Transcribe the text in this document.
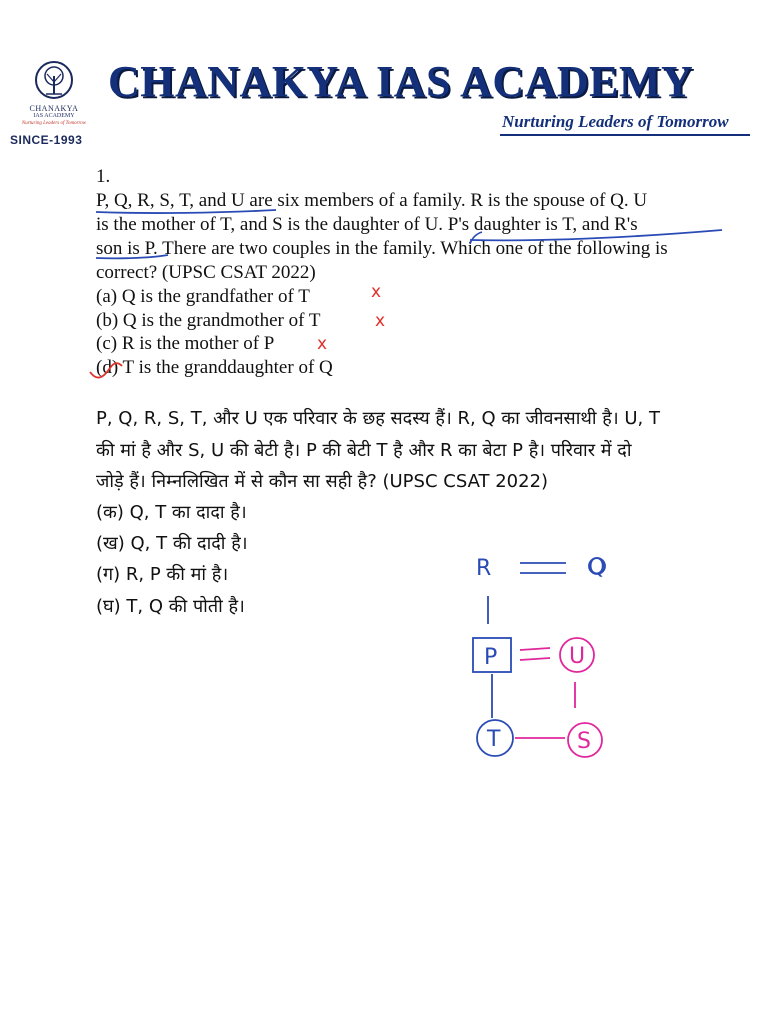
CHANAKYA
IAS ACADEMY
Nurturing Leaders of Tomorrow
SINCE-1993
CHANAKYA IAS ACADEMY
Nurturing Leaders of Tomorrow
1.
P, Q, R, S, T, and U are six members of a family. R is the spouse of Q. U
is the mother of T, and S is the daughter of U. P's daughter is T, and R's
son is P. There are two couples in the family. Which one of the following is
correct? (UPSC CSAT 2022)
(a) Q is the grandfather of T
(b) Q is the grandmother of T
(c) R is the mother of P
(d) T is the granddaughter of Q
P, Q, R, S, T, और U एक परिवार के छह सदस्य हैं। R, Q का जीवनसाथी है। U, T
की मां है और S, U की बेटी है। P की बेटी T है और R का बेटा P है। परिवार में दो
जोड़े हैं। निम्नलिखित में से कौन सा सही है? (UPSC CSAT 2022)
(क) Q, T का दादा है।
(ख) Q, T की दादी है।
(ग) R, P की मां है।
(घ) T, Q की पोती है।
x
x
x
R	Q
P	U
T	S
